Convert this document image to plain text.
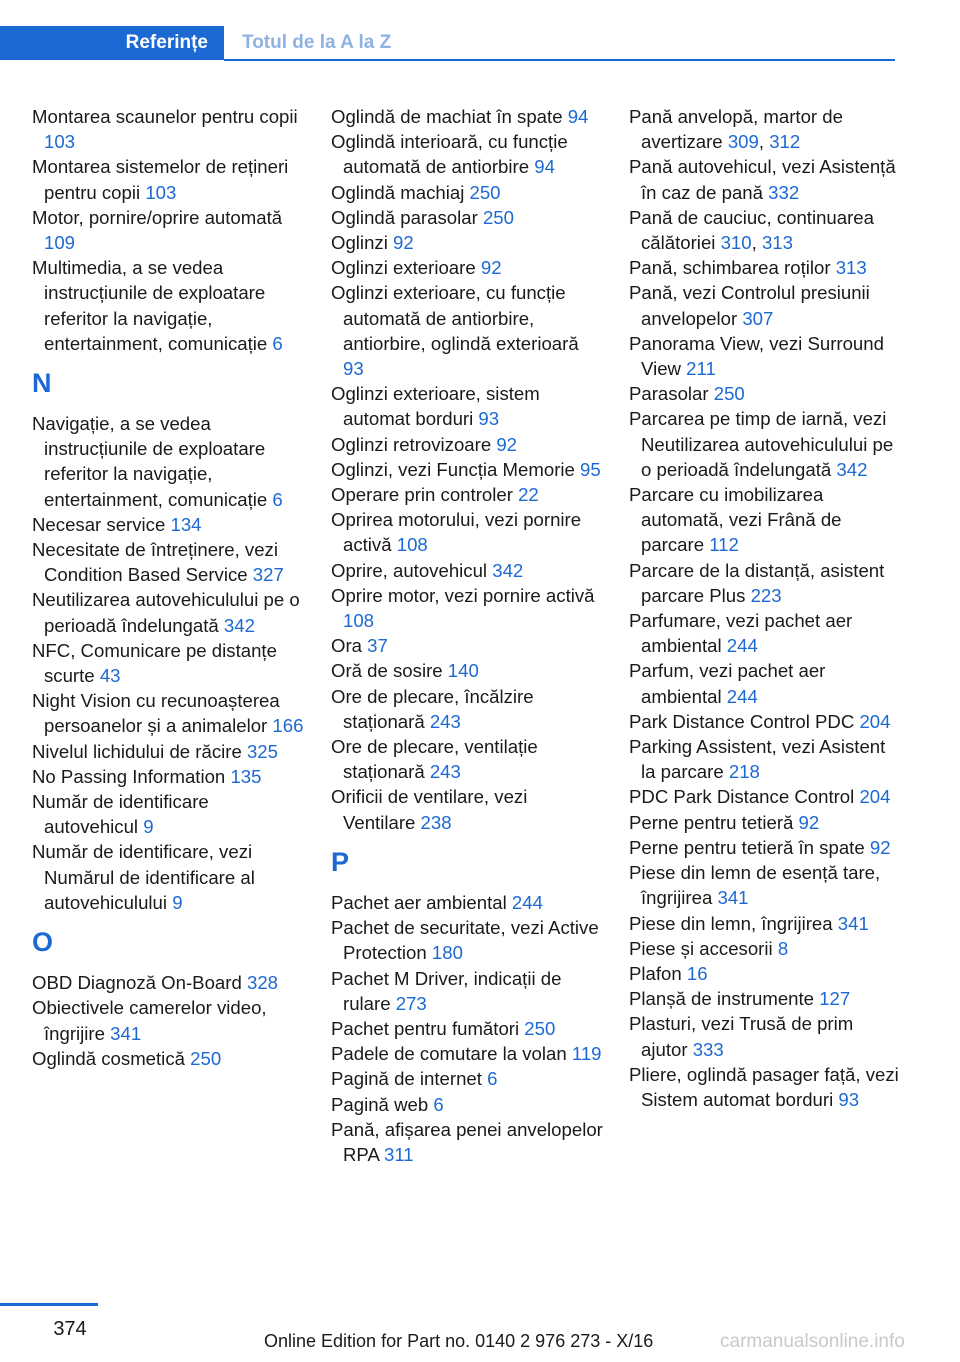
Referințe	Totul de la A la Z
Montarea scaunelor pentru copii 103
Montarea sistemelor de rețineri pentru copii 103
Motor, pornire/oprire automată 109
Multimedia, a se vedea instrucțiunile de exploatare referitor la navigație, entertainment, comunicație 6
N
Navigație, a se vedea instrucțiunile de exploatare referitor la navigație, entertainment, comunicație 6
Necesar service 134
Necesitate de întreținere, vezi Condition Based Service 327
Neutilizarea autovehiculului pe o perioadă îndelungată 342
NFC, Comunicare pe distanțe scurte 43
Night Vision cu recunoașterea persoanelor și a animalelor 166
Nivelul lichidului de răcire 325
No Passing Information 135
Număr de identificare autovehicul 9
Număr de identificare, vezi Numărul de identificare al autovehiculului 9
O
OBD Diagnoză On-Board 328
Obiectivele camerelor video, îngrijire 341
Oglindă cosmetică 250
Oglindă de machiat în spate 94
Oglindă interioară, cu funcție automată de antiorbire 94
Oglindă machiaj 250
Oglindă parasolar 250
Oglinzi 92
Oglinzi exterioare 92
Oglinzi exterioare, cu funcție automată de antiorbire, antiorbire, oglindă exterioară 93
Oglinzi exterioare, sistem automat borduri 93
Oglinzi retrovizoare 92
Oglinzi, vezi Funcția Memorie 95
Operare prin controler 22
Oprirea motorului, vezi pornire activă 108
Oprire, autovehicul 342
Oprire motor, vezi pornire activă 108
Ora 37
Oră de sosire 140
Ore de plecare, încălzire staționară 243
Ore de plecare, ventilație staționară 243
Orificii de ventilare, vezi Ventilare 238
P
Pachet aer ambiental 244
Pachet de securitate, vezi Active Protection 180
Pachet M Driver, indicații de rulare 273
Pachet pentru fumători 250
Padele de comutare la volan 119
Pagină de internet 6
Pagină web 6
Pană, afișarea penei anvelopelor RPA 311
Pană anvelopă, martor de avertizare 309, 312
Pană autovehicul, vezi Asistență în caz de pană 332
Pană de cauciuc, continuarea călătoriei 310, 313
Pană, schimbarea roților 313
Pană, vezi Controlul presiunii anvelopelor 307
Panorama View, vezi Surround View 211
Parasolar 250
Parcarea pe timp de iarnă, vezi Neutilizarea autovehiculului pe o perioadă îndelungată 342
Parcare cu imobilizarea automată, vezi Frână de parcare 112
Parcare de la distanță, asistent parcare Plus 223
Parfumare, vezi pachet aer ambiental 244
Parfum, vezi pachet aer ambiental 244
Park Distance Control PDC 204
Parking Assistent, vezi Asistent la parcare 218
PDC Park Distance Control 204
Perne pentru tetieră 92
Perne pentru tetieră în spate 92
Piese din lemn de esență tare, îngrijirea 341
Piese din lemn, îngrijirea 341
Piese și accesorii 8
Plafon 16
Planșă de instrumente 127
Plasturi, vezi Trusă de prim ajutor 333
Pliere, oglindă pasager față, vezi Sistem automat borduri 93
374
Online Edition for Part no. 0140 2 976 273 - X/16	carmanualsonline.info
